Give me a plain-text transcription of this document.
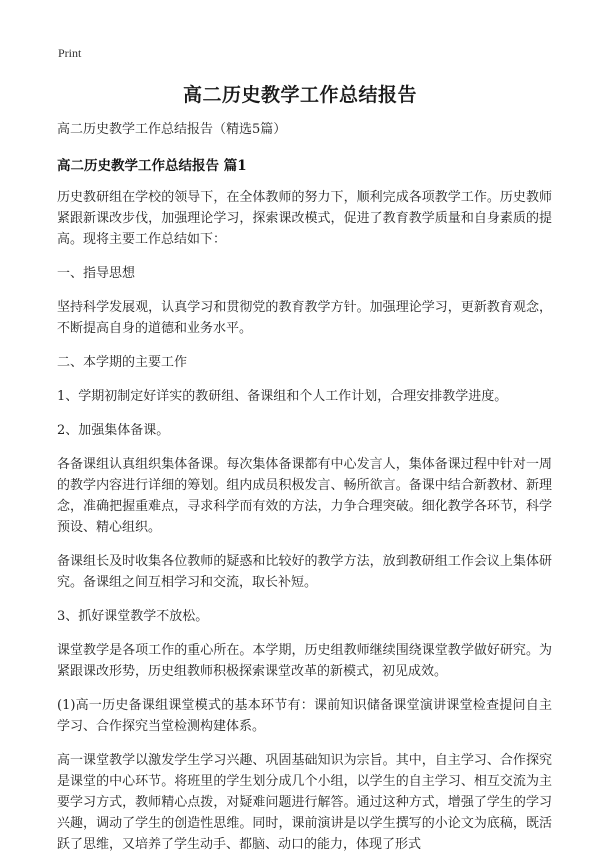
Print
高二历史教学工作总结报告
高二历史教学工作总结报告（精选5篇）
高二历史教学工作总结报告 篇1

历史教研组在学校的领导下，在全体教师的努力下，顺利完成各项教学工作。历史教师紧跟新课改步伐，加强理论学习，探索课改模式，促进了教育教学质量和自身素质的提高。现将主要工作总结如下：

一、指导思想

坚持科学发展观，认真学习和贯彻党的教育教学方针。加强理论学习，更新教育观念，不断提高自身的道德和业务水平。

二、本学期的主要工作

1、学期初制定好详实的教研组、备课组和个人工作计划，合理安排教学进度。

2、加强集体备课。

各备课组认真组织集体备课。每次集体备课都有中心发言人，集体备课过程中针对一周的教学内容进行详细的筹划。组内成员积极发言、畅所欲言。备课中结合新教材、新理念，准确把握重难点，寻求科学而有效的方法，力争合理突破。细化教学各环节，科学预设、精心组织。

备课组长及时收集各位教师的疑惑和比较好的教学方法，放到教研组工作会议上集体研究。备课组之间互相学习和交流，取长补短。

3、抓好课堂教学不放松。

课堂教学是各项工作的重心所在。本学期，历史组教师继续围绕课堂教学做好研究。为紧跟课改形势，历史组教师积极探索课堂改革的新模式，初见成效。

(1)高一历史备课组课堂模式的基本环节有：课前知识储备课堂演讲课堂检查提问自主学习、合作探究当堂检测构建体系。

高一课堂教学以激发学生学习兴趣、巩固基础知识为宗旨。其中，自主学习、合作探究是课堂的中心环节。将班里的学生划分成几个小组，以学生的自主学习、相互交流为主要学习方式，教师精心点拨，对疑难问题进行解答。通过这种方式，增强了学生的学习兴趣，调动了学生的创造性思维。同时，课前演讲是以学生撰写的小论文为底稿，既活跃了思维，又培养了学生动手、都脑、动口的能力，体现了形式
